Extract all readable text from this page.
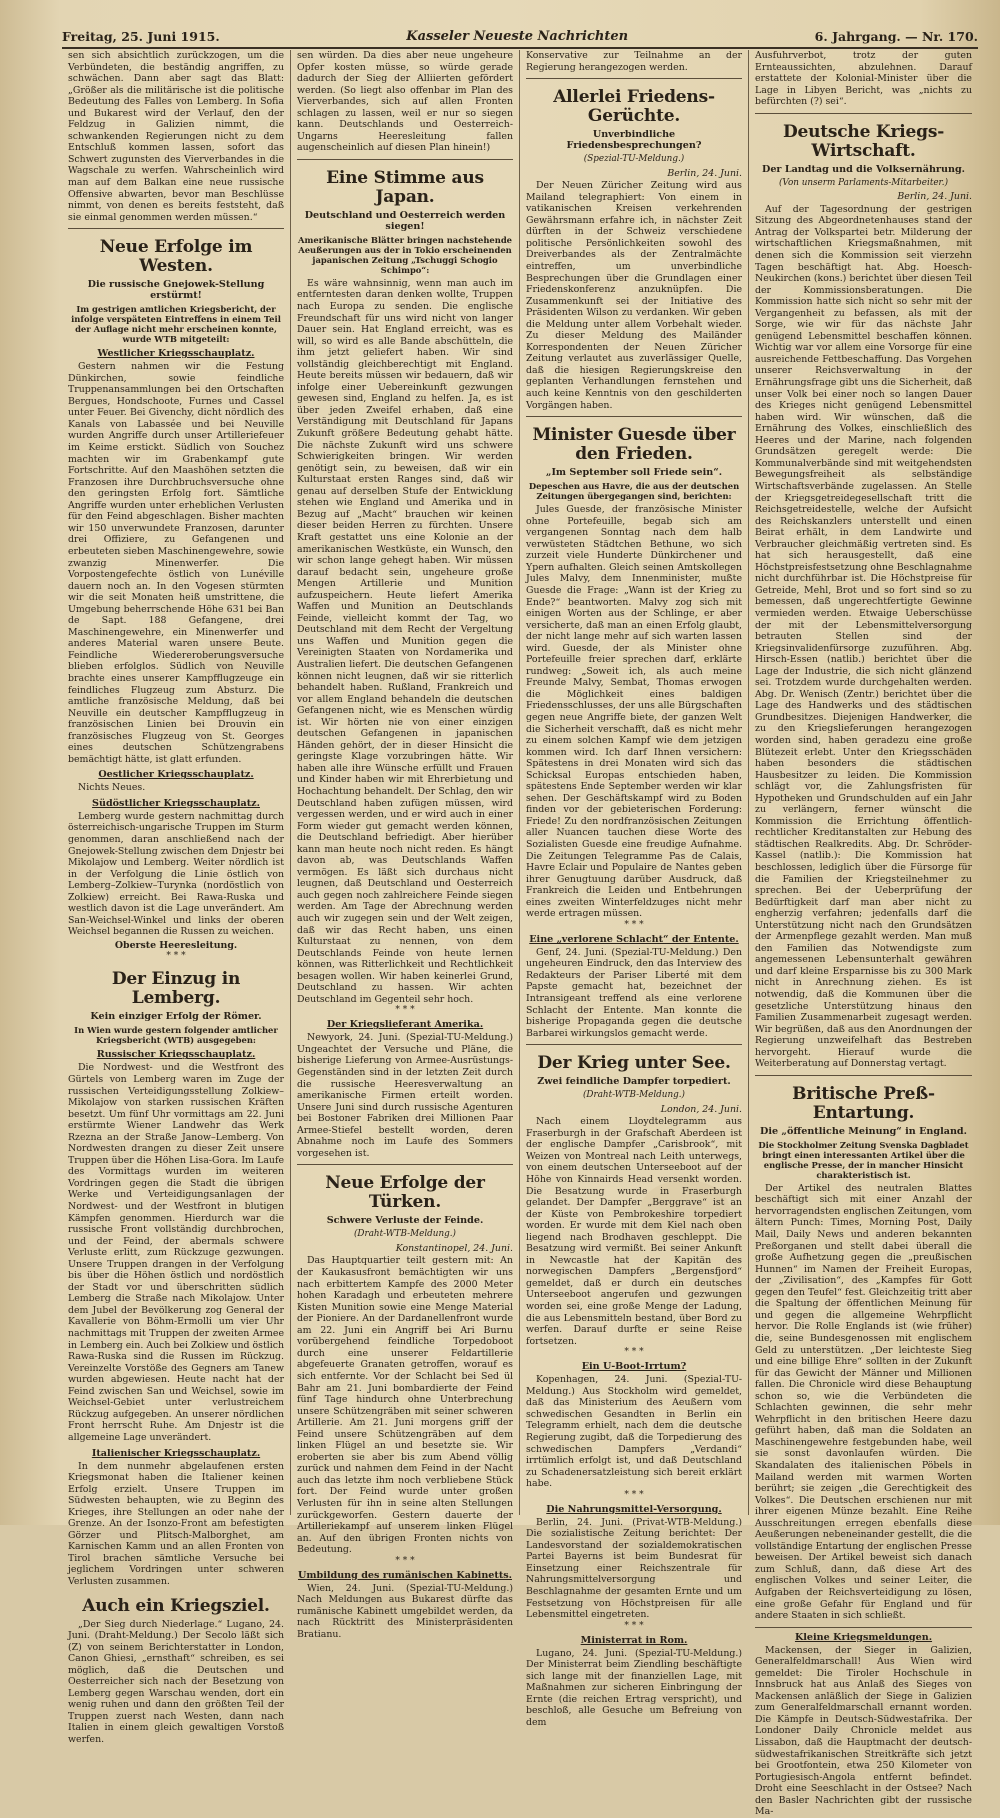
Freitag, 25. Juni 1915.	Kasseler Neueste Nachrichten	6. Jahrgang. — Nr. 170.

sen sich absichtlich zurückzogen, um die Verbündeten, die beständig angriffen, zu schwächen. Dann aber sagt das Blatt: „Größer als die militärische ist die politische Bedeutung des Falles von Lemberg. In Sofia und Bukarest wird der Verlauf, den der Feldzug in Galizien nimmt, die schwankenden Regierungen nicht zu dem Entschluß kommen lassen, sofort das Schwert zugunsten des Vierverbandes in die Wagschale zu werfen. Wahrscheinlich wird man auf dem Balkan eine neue russische Offensive abwarten, bevor man Beschlüsse nimmt, von denen es bereits feststeht, daß sie einmal genommen werden müssen.“

Neue Erfolge im Westen.
Die russische Gnejowek-Stellung erstürmt!
Im gestrigen amtlichen Kriegsbericht, der infolge verspäteten Eintreffens in einem Teil der Auflage nicht mehr erscheinen konnte, wurde WTB mitgeteilt:
Westlicher Kriegsschauplatz.

Gestern nahmen wir die Festung Dünkirchen, sowie feindliche Truppenansammlungen bei den Ortschaften Bergues, Hondschoote, Furnes und Cassel unter Feuer. Bei Givenchy, dicht nördlich des Kanals von Labassée und bei Neuville wurden Angriffe durch unser Artilleriefeuer im Keime erstickt. Südlich von Souchez machten wir im Grabenkampf gute Fortschritte. Auf den Maashöhen setzten die Franzosen ihre Durchbruchsversuche ohne den geringsten Erfolg fort. Sämtliche Angriffe wurden unter erheblichen Verlusten für den Feind abgeschlagen. Bisher machten wir 150 unverwundete Franzosen, darunter drei Offiziere, zu Gefangenen und erbeuteten sieben Maschinengewehre, sowie zwanzig Minenwerfer. Die Vorpostengefechte östlich von Lunéville dauern noch an. In den Vogesen stürmten wir die seit Monaten heiß umstrittene, die Umgebung beherrschende Höhe 631 bei Ban de Sapt. 188 Gefangene, drei Maschinengewehre, ein Minenwerfer und anderes Material waren unsere Beute. Feindliche Wiedereroberungsversuche blieben erfolglos. Südlich von Neuville brachte eines unserer Kampfflugzeuge ein feindliches Flugzeug zum Absturz. Die amtliche französische Meldung, daß bei Neuville ein deutscher Kampfflugzeug in französischen Linien bei Drouvin ein französisches Flugzeug von St. Georges eines deutschen Schützengrabens bemächtigt hätte, ist glatt erfunden.

Oestlicher Kriegsschauplatz.

Nichts Neues.

Südöstlicher Kriegsschauplatz.

Lemberg wurde gestern nachmittag durch österreichisch-ungarische Truppen im Sturm genommen, daran anschließend nach der Gnejowek-Stellung zwischen dem Dnjestr bei Mikolajow und Lemberg. Weiter nördlich ist in der Verfolgung die Linie östlich von Lemberg–Zolkiew–Turynka (nordöstlich von Zolkiew) erreicht. Bei Rawa-Ruska und westlich davon ist die Lage unverändert. Am San-Weichsel-Winkel und links der oberen Weichsel begannen die Russen zu weichen.

Oberste Heeresleitung.
* * *
Der Einzug in Lemberg.
Kein einziger Erfolg der Römer.
In Wien wurde gestern folgender amtlicher Kriegsbericht (WTB) ausgegeben:
Russischer Kriegsschauplatz.

Die Nordwest- und die Westfront des Gürtels von Lemberg waren im Zuge der russischen Verteidigungsstellung Zolkiew–Mikolajow von starken russischen Kräften besetzt. Um fünf Uhr vormittags am 22. Juni erstürmte Wiener Landwehr das Werk Rzezna an der Straße Janow–Lemberg. Von Nordwesten drangen zu dieser Zeit unsere Truppen über die Höhen Lisa-Gora. Im Laufe des Vormittags wurden im weiteren Vordringen gegen die Stadt die übrigen Werke und Verteidigungsanlagen der Nordwest- und der Westfront in blutigen Kämpfen genommen. Hierdurch war die russische Front vollständig durchbrochen, und der Feind, der abermals schwere Verluste erlitt, zum Rückzuge gezwungen. Unsere Truppen drangen in der Verfolgung bis über die Höhen östlich und nordöstlich der Stadt vor und überschritten südlich Lemberg die Straße nach Mikolajow. Unter dem Jubel der Bevölkerung zog General der Kavallerie von Böhm-Ermolli um vier Uhr nachmittags mit Truppen der zweiten Armee in Lemberg ein. Auch bei Zolkiew und östlich Rawa-Ruska sind die Russen im Rückzug. Vereinzelte Vorstöße des Gegners am Tanew wurden abgewiesen. Heute nacht hat der Feind zwischen San und Weichsel, sowie im Weichsel-Gebiet unter verlustreichem Rückzug aufgegeben. An unserer nördlichen Front herrscht Ruhe. Am Dnjestr ist die allgemeine Lage unverändert.

Italienischer Kriegsschauplatz.

In dem nunmehr abgelaufenen ersten Kriegsmonat haben die Italiener keinen Erfolg erzielt. Unsere Truppen im Südwesten behaupten, wie zu Beginn des Krieges, ihre Stellungen an oder nahe der Grenze. An der Isonzo-Front am befestigten Görzer und Plitsch-Malborghet, am Karnischen Kamm und an allen Fronten von Tirol brachen sämtliche Versuche bei jeglichem Vordringen unter schweren Verlusten zusammen.

Auch ein Kriegsziel.

„Der Sieg durch Niederlage.“ Lugano, 24. Juni. (Draht-Meldung.) Der Secolo läßt sich (Z) von seinem Berichterstatter in London, Canon Ghiesi, „ernsthaft“ schreiben, es sei möglich, daß die Deutschen und Oesterreicher sich nach der Besetzung von Lemberg gegen Warschau wenden, dort ein wenig ruhen und dann den größten Teil der Truppen zuerst nach Westen, dann nach Italien in einem gleich gewaltigen Vorstoß werfen.

sen würden. Da dies aber neue ungeheure Opfer kosten müsse, so würde gerade dadurch der Sieg der Alliierten gefördert werden. (So liegt also offenbar im Plan des Vierverbandes, sich auf allen Fronten schlagen zu lassen, weil er nur so siegen kann. Deutschlands und Oesterreich-Ungarns Heeresleitung fallen augenscheinlich auf diesen Plan hinein!)

Eine Stimme aus Japan.
Deutschland und Oesterreich werden siegen!
Amerikanische Blätter bringen nachstehende Aeußerungen aus der in Tokio erscheinenden japanischen Zeitung „Tschuggi Schogio Schimpo“:

Es wäre wahnsinnig, wenn man auch im entferntesten daran denken wollte, Truppen nach Europa zu senden. Die englische Freundschaft für uns wird nicht von langer Dauer sein. Hat England erreicht, was es will, so wird es alle Bande abschütteln, die ihm jetzt geliefert haben. Wir sind vollständig gleichberechtigt mit England. Heute bereits müssen wir bedauern, daß wir infolge einer Uebereinkunft gezwungen gewesen sind, England zu helfen. Ja, es ist über jeden Zweifel erhaben, daß eine Verständigung mit Deutschland für Japans Zukunft größere Bedeutung gehabt hätte. Die nächste Zukunft wird uns schwere Schwierigkeiten bringen. Wir werden genötigt sein, zu beweisen, daß wir ein Kulturstaat ersten Ranges sind, daß wir genau auf derselben Stufe der Entwicklung stehen wie England und Amerika und in Bezug auf „Macht“ brauchen wir keinen dieser beiden Herren zu fürchten. Unsere Kraft gestattet uns eine Kolonie an der amerikanischen Westküste, ein Wunsch, den wir schon lange gehegt haben. Wir müssen darauf bedacht sein, ungeheure große Mengen Artillerie und Munition aufzuspeichern. Heute liefert Amerika Waffen und Munition an Deutschlands Feinde, vielleicht kommt der Tag, wo Deutschland mit dem Recht der Vergeltung uns Waffen und Munition gegen die Vereinigten Staaten von Nordamerika und Australien liefert. Die deutschen Gefangenen können nicht leugnen, daß wir sie ritterlich behandelt haben. Rußland, Frankreich und vor allem England behandeln die deutschen Gefangenen nicht, wie es Menschen würdig ist. Wir hörten nie von einer einzigen deutschen Gefangenen in japanischen Händen gehört, der in dieser Hinsicht die geringste Klage vorzubringen hätte. Wir haben alle ihre Wünsche erfüllt und Frauen und Kinder haben wir mit Ehrerbietung und Hochachtung behandelt. Der Schlag, den wir Deutschland haben zufügen müssen, wird vergessen werden, und er wird auch in einer Form wieder gut gemacht werden können, die Deutschland befriedigt. Aber hierüber kann man heute noch nicht reden. Es hängt davon ab, was Deutschlands Waffen vermögen. Es läßt sich durchaus nicht leugnen, daß Deutschland und Oesterreich auch gegen noch zahlreichere Feinde siegen werden. Am Tage der Abrechnung werden auch wir zugegen sein und der Welt zeigen, daß wir das Recht haben, uns einen Kulturstaat zu nennen, von dem Deutschlands Feinde von heute lernen können, was Ritterlichkeit und Rechtlichkeit besagen wollen. Wir haben keinerlei Grund, Deutschland zu hassen. Wir achten Deutschland im Gegenteil sehr hoch.

* * *
Der Kriegslieferant Amerika.

Newyork, 24. Juni. (Spezial-TU-Meldung.) Ungeachtet der Versuche und Pläne, die bisherige Lieferung von Armee-Ausrüstungs-Gegenständen sind in der letzten Zeit durch die russische Heeresverwaltung an amerikanische Firmen erteilt worden. Unsere Juni sind durch russische Agenturen bei Bostoner Fabriken drei Millionen Paar Armee-Stiefel bestellt worden, deren Abnahme noch im Laufe des Sommers vorgesehen ist.

Neue Erfolge der Türken.
Schwere Verluste der Feinde.
(Draht-WTB-Meldung.)
Konstantinopel, 24. Juni.

Das Hauptquartier teilt gestern mit: An der Kaukasusfront bemächtigten wir uns nach erbittertem Kampfe des 2000 Meter hohen Karadagh und erbeuteten mehrere Kisten Munition sowie eine Menge Material der Pioniere. An der Dardanellenfront wurde am 22. Juni ein Angriff bei Ari Burnu vorübergehend feindliche Torpedoboot durch eine unserer Feldartillerie abgefeuerte Granaten getroffen, worauf es sich entfernte. Vor der Schlacht bei Sed ül Bahr am 21. Juni bombardierte der Feind fünf Tage hindurch ohne Unterbrechung unsere Schützengräben mit seiner schweren Artillerie. Am 21. Juni morgens griff der Feind unsere Schützengräben auf dem linken Flügel an und besetzte sie. Wir eroberten sie aber bis zum Abend völlig zurück und nahmen dem Feind in der Nacht auch das letzte ihm noch verbliebene Stück fort. Der Feind wurde unter großen Verlusten für ihn in seine alten Stellungen zurückgeworfen. Gestern dauerte der Artilleriekampf auf unserem linken Flügel an. Auf den übrigen Fronten nichts von Bedeutung.

* * *
Umbildung des rumänischen Kabinetts.

Wien, 24. Juni. (Spezial-TU-Meldung.) Nach Meldungen aus Bukarest dürfte das rumänische Kabinett umgebildet werden, da nach Rücktritt des Ministerpräsidenten Bratianu.

Konservative zur Teilnahme an der Regierung herangezogen werden.

Allerlei Friedens-Gerüchte.
Unverbindliche Friedensbesprechungen?
(Spezial-TU-Meldung.)
Berlin, 24. Juni.

Der Neuen Züricher Zeitung wird aus Mailand telegraphiert: Von einem in vatikanischen Kreisen verkehrenden Gewährsmann erfahre ich, in nächster Zeit dürften in der Schweiz verschiedene politische Persönlichkeiten sowohl des Dreiverbandes als der Zentralmächte eintreffen, um unverbindliche Besprechungen über die Grundlagen einer Friedenskonferenz anzuknüpfen. Die Zusammenkunft sei der Initiative des Präsidenten Wilson zu verdanken. Wir geben die Meldung unter allem Vorbehalt wieder. Zu dieser Meldung des Mailänder Korrespondenten der Neuen Züricher Zeitung verlautet aus zuverlässiger Quelle, daß die hiesigen Regierungskreise den geplanten Verhandlungen fernstehen und auch keine Kenntnis von den geschilderten Vorgängen haben.

Minister Guesde über den Frieden.
„Im September soll Friede sein“.
Depeschen aus Havre, die aus der deutschen Zeitungen übergegangen sind, berichten:

Jules Guesde, der französische Minister ohne Portefeuille, begab sich am vergangenen Sonntag nach dem halb verwüsteten Städtchen Bethune, wo sich zurzeit viele Hunderte Dünkirchener und Ypern aufhalten. Gleich seinen Amtskollegen Jules Malvy, dem Innenminister, mußte Guesde die Frage: „Wann ist der Krieg zu Ende?“ beantworten. Malvy zog sich mit einigen Worten aus der Schlinge, er aber versicherte, daß man an einen Erfolg glaubt, der nicht lange mehr auf sich warten lassen wird. Guesde, der als Minister ohne Portefeuille freier sprechen darf, erklärte rundweg: „Soweit ich, als auch meine Freunde Malvy, Sembat, Thomas erwogen die Möglichkeit eines baldigen Friedensschlusses, der uns alle Bürgschaften gegen neue Angriffe biete, der ganzen Welt die Sicherheit verschafft, daß es nicht mehr zu einem solchen Kampf wie dem jetzigen kommen wird. Ich darf Ihnen versichern: Spätestens in drei Monaten wird sich das Schicksal Europas entschieden haben, spätestens Ende September werden wir klar sehen. Der Geschäftskampf wird zu Boden finden vor der gebieterischen Forderung: Friede! Zu den nordfranzösischen Zeitungen aller Nuancen tauchen diese Worte des Sozialisten Guesde eine freudige Aufnahme. Die Zeitungen Telegramme Pas de Calais, Havre Eclair und Populaire de Nantes geben ihrer Genugtuung darüber Ausdruck, daß Frankreich die Leiden und Entbehrungen eines zweiten Winterfeldzuges nicht mehr werde ertragen müssen.

* * *
Eine „verlorene Schlacht“ der Entente.

Genf, 24. Juni. (Spezial-TU-Meldung.) Den ungeheuren Eindruck, den das Interview des Redakteurs der Pariser Liberté mit dem Papste gemacht hat, bezeichnet der Intransigeant treffend als eine verlorene Schlacht der Entente. Man konnte die bisherige Propaganda gegen die deutsche Barbarei wirkungslos gemacht werde.

Der Krieg unter See.
Zwei feindliche Dampfer torpediert.
(Draht-WTB-Meldung.)
London, 24. Juni.

Nach einem Lloydtelegramm aus Fraserburgh in der Grafschaft Aberdeen ist der englische Dampfer „Carisbrook“, mit Weizen von Montreal nach Leith unterwegs, von einem deutschen Unterseeboot auf der Höhe von Kinnairds Head versenkt worden. Die Besatzung wurde in Fraserburgh gelandet. Der Dampfer „Berggrave“ ist an der Küste von Pembrokeshire torpediert worden. Er wurde mit dem Kiel nach oben liegend nach Brodhaven geschleppt. Die Besatzung wird vermißt. Bei seiner Ankunft in Newcastle hat der Kapitän des norwegischen Dampfers „Bergensfjord“ gemeldet, daß er durch ein deutsches Unterseeboot angerufen und gezwungen worden sei, eine große Menge der Ladung, die aus Lebensmitteln bestand, über Bord zu werfen. Darauf durfte er seine Reise fortsetzen.

* * *
Ein U-Boot-Irrtum?

Kopenhagen, 24. Juni. (Spezial-TU-Meldung.) Aus Stockholm wird gemeldet, daß das Ministerium des Aeußern vom schwedischen Gesandten in Berlin ein Telegramm erhielt, nach dem die deutsche Regierung zugibt, daß die Torpedierung des schwedischen Dampfers „Verdandi“ irrtümlich erfolgt ist, und daß Deutschland zu Schadenersatzleistung sich bereit erklärt habe.

* * *
Die Nahrungsmittel-Versorgung.

Berlin, 24. Juni. (Privat-WTB-Meldung.) Die sozialistische Zeitung berichtet: Der Landesvorstand der sozialdemokratischen Partei Bayerns ist beim Bundesrat für Einsetzung einer Reichszentrale für Nahrungsmittelversorgung und Beschlagnahme der gesamten Ernte und um Festsetzung von Höchstpreisen für alle Lebensmittel eingetreten.

* * *
Ministerrat in Rom.

Lugano, 24. Juni. (Spezial-TU-Meldung.) Der Ministerrat beim Ziendling beschäftigte sich lange mit der finanziellen Lage, mit Maßnahmen zur sicheren Einbringung der Ernte (die reichen Ertrag verspricht), und beschloß, alle Gesuche um Befreiung von dem

Ausfuhrverbot, trotz der guten Ernteaussichten, abzulehnen. Darauf erstattete der Kolonial-Minister über die Lage in Libyen Bericht, was „nichts zu befürchten (?) sei“.

Deutsche Kriegs-Wirtschaft.
Der Landtag und die Volksernährung.
(Von unserm Parlaments-Mitarbeiter.)
Berlin, 24. Juni.

Auf der Tagesordnung der gestrigen Sitzung des Abgeordnetenhauses stand der Antrag der Volkspartei betr. Milderung der wirtschaftlichen Kriegsmaßnahmen, mit denen sich die Kommission seit vierzehn Tagen beschäftigt hat. Abg. Hoesch-Neukirchen (kons.) berichtet über diesen Teil der Kommissionsberatungen. Die Kommission hatte sich nicht so sehr mit der Vergangenheit zu befassen, als mit der Sorge, wie wir für das nächste Jahr genügend Lebensmittel beschaffen können. Wichtig war vor allem eine Vorsorge für eine ausreichende Fettbeschaffung. Das Vorgehen unserer Reichsverwaltung in der Ernährungsfrage gibt uns die Sicherheit, daß unser Volk bei einer noch so langen Dauer des Krieges nicht genügend Lebensmittel haben wird. Wir wünschen, daß die Ernährung des Volkes, einschließlich des Heeres und der Marine, nach folgenden Grundsätzen geregelt werde: Die Kommunalverbände sind mit weitgehendsten Bewegungsfreiheit als selbständige Wirtschaftsverbände zugelassen. An Stelle der Kriegsgetreidegesellschaft tritt die Reichsgetreidestelle, welche der Aufsicht des Reichskanzlers unterstellt und einen Beirat erhält, in dem Landwirte und Verbraucher gleichmäßig vertreten sind. Es hat sich herausgestellt, daß eine Höchstpreisfestsetzung ohne Beschlagnahme nicht durchführbar ist. Die Höchstpreise für Getreide, Mehl, Brot und so fort sind so zu bemessen, daß ungerechtfertigte Gewinne vermieden werden. Etwaige Ueberschüsse der mit der Lebensmittelversorgung betrauten Stellen sind der Kriegsinvalidenfürsorge zuzuführen. Abg. Hirsch-Essen (natlib.) berichtet über die Lage der Industrie, die sich nicht glänzend sei. Trotzdem wurde durchgehalten werden. Abg. Dr. Wenisch (Zentr.) berichtet über die Lage des Handwerks und des städtischen Grundbesitzes. Diejenigen Handwerker, die zu den Kriegslieferungen herangezogen worden sind, haben geradezu eine große Blütezeit erlebt. Unter den Kriegsschäden haben besonders die städtischen Hausbesitzer zu leiden. Die Kommission schlägt vor, die Zahlungsfristen für Hypotheken und Grundschulden auf ein Jahr zu verlängern, ferner wünscht die Kommission die Errichtung öffentlich-rechtlicher Kreditanstalten zur Hebung des städtischen Realkredits. Abg. Dr. Schröder-Kassel (natlib.): Die Kommission hat beschlossen, lediglich über die Fürsorge für die Familien der Kriegsteilnehmer zu sprechen. Bei der Ueberprüfung der Bedürftigkeit darf man aber nicht zu engherzig verfahren; jedenfalls darf die Unterstützung nicht nach den Grundsätzen der Armenpflege gezahlt werden. Man muß den Familien das Notwendigste zum angemessenen Lebensunterhalt gewähren und darf kleine Ersparnisse bis zu 300 Mark nicht in Anrechnung ziehen. Es ist notwendig, daß die Kommunen über die gesetzliche Unterstützung hinaus den Familien Zusammenarbeit zugesagt werden. Wir begrüßen, daß aus den Anordnungen der Regierung unzweifelhaft das Bestreben hervorgeht. Hierauf wurde die Weiterberatung auf Donnerstag vertagt.

Britische Preß-Entartung.
Die „öffentliche Meinung“ in England.
Die Stockholmer Zeitung Svenska Dagbladet bringt einen interessanten Artikel über die englische Presse, der in mancher Hinsicht charakteristisch ist.

Der Artikel des neutralen Blattes beschäftigt sich mit einer Anzahl der hervorragendsten englischen Zeitungen, vom ältern Punch: Times, Morning Post, Daily Mail, Daily News und anderen bekannten Preßorganen und stellt dabei überall die große Aufhetzung gegen die „preußischen Hunnen“ im Namen der Freiheit Europas, der „Zivilisation“, des „Kampfes für Gott gegen den Teufel“ fest. Gleichzeitig tritt aber die Spaltung der öffentlichen Meinung für und gegen die allgemeine Wehrpflicht hervor. Die Rolle Englands ist (wie früher) die, seine Bundesgenossen mit englischem Geld zu unterstützen. „Der leichteste Sieg und eine billige Ehre“ sollten in der Zukunft für das Gewicht der Männer und Millionen fallen. Die Chronicle wird diese Behauptung schon so, wie die Verbündeten die Schlachten gewinnen, die sehr mehr Wehrpflicht in den britischen Heere dazu geführt haben, daß man die Soldaten an Maschinengewehre festgebunden habe, weil sie sonst davonlaufen würden. Die Skandalaten des italienischen Pöbels in Mailand werden mit warmen Worten berührt; sie zeigen „die Gerechtigkeit des Volkes“. Die Deutschen erschienen nur mit ihrer eigenen Münze bezahlt. Eine Reihe Ausschreitungen erregen ebenfalls diese Aeußerungen nebeneinander gestellt, die die vollständige Entartung der englischen Presse beweisen. Der Artikel beweist sich danach zum Schluß, dann, daß diese Art des englischen Volkes und seiner Leiter, die Aufgaben der Reichsverteidigung zu lösen, eine große Gefahr für England und für andere Staaten in sich schließt.

Kleine Kriegsmeldungen.

Mackensen, der Sieger in Galizien, Generalfeldmarschall! Aus Wien wird gemeldet: Die Tiroler Hochschule in Innsbruck hat aus Anlaß des Sieges von Mackensen anläßlich der Siege in Galizien zum Generalfeldmarschall ernannt worden. Die Kämpfe in Deutsch-Südwestafrika. Der Londoner Daily Chronicle meldet aus Lissabon, daß die Hauptmacht der deutsch-südwestafrikanischen Streitkräfte sich jetzt bei Grootfontein, etwa 250 Kilometer von Portugiesisch-Angola entfernt befindet. Droht eine Seeschlacht in der Ostsee? Nach den Basler Nachrichten gibt der russische Ma-
